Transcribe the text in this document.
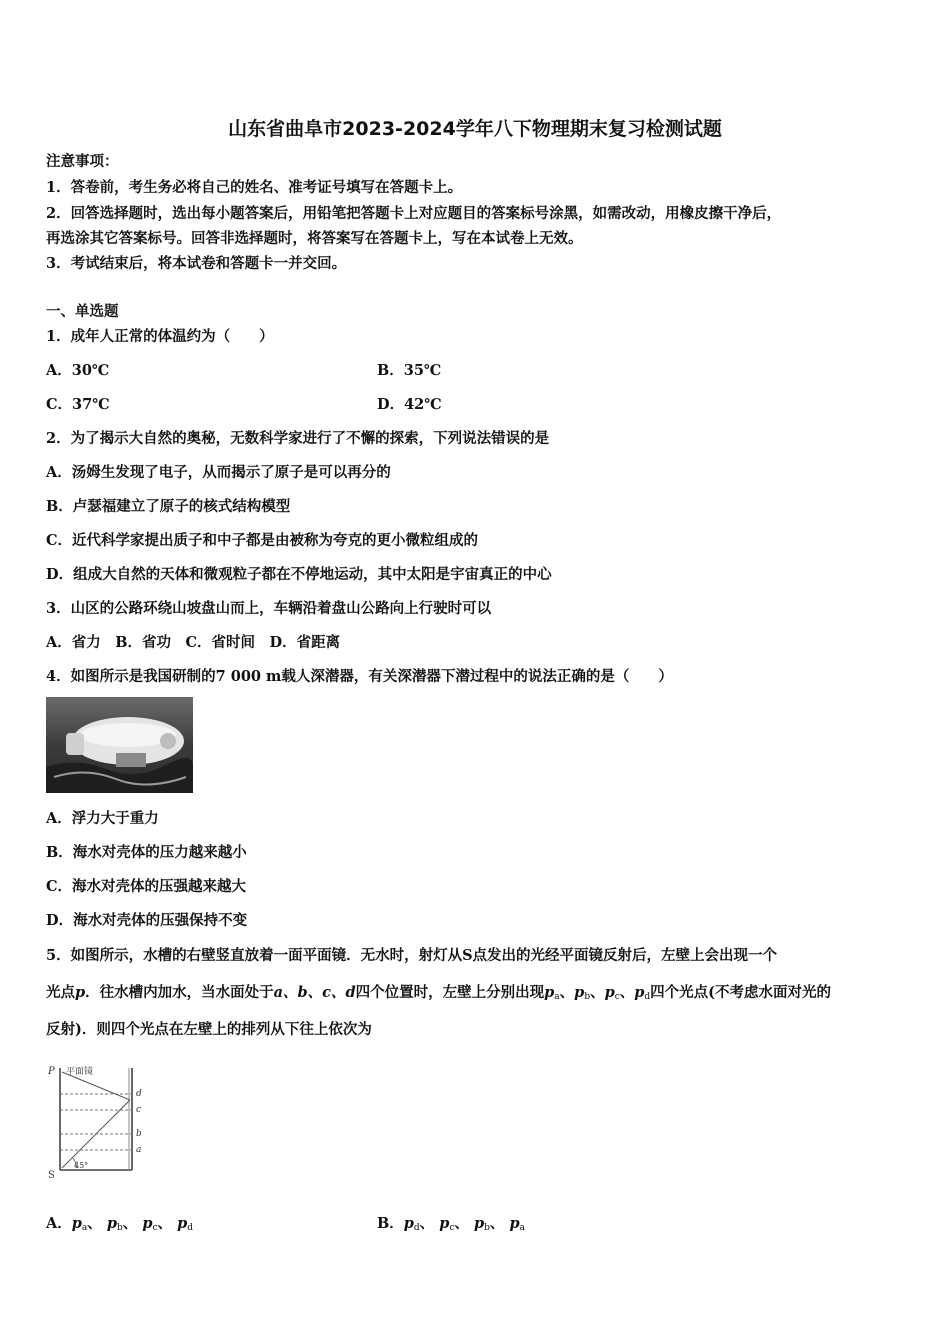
山东省曲阜市2023-2024学年八下物理期末复习检测试题
注意事项：
1．答卷前，考生务必将自己的姓名、准考证号填写在答题卡上。
2．回答选择题时，选出每小题答案后，用铅笔把答题卡上对应题目的答案标号涂黑，如需改动，用橡皮擦干净后，
再选涂其它答案标号。回答非选择题时，将答案写在答题卡上，写在本试卷上无效。
3．考试结束后，将本试卷和答题卡一并交回。
一、单选题
1．成年人正常的体温约为（　　）
A．30℃	B．35℃
C．37℃	D．42℃
2．为了揭示大自然的奥秘，无数科学家进行了不懈的探索，下列说法错误的是
A．汤姆生发现了电子，从而揭示了原子是可以再分的
B．卢瑟福建立了原子的核式结构模型
C．近代科学家提出质子和中子都是由被称为夸克的更小微粒组成的
D．组成大自然的天体和微观粒子都在不停地运动，其中太阳是宇宙真正的中心
3．山区的公路环绕山坡盘山而上，车辆沿着盘山公路向上行驶时可以
A．省力　B．省功　C．省时间　D．省距离
4．如图所示是我国研制的7 000 m载人深潜器，有关深潜器下潜过程中的说法正确的是（　　）
A．浮力大于重力
B．海水对壳体的压力越来越小
C．海水对壳体的压强越来越大
D．海水对壳体的压强保持不变
5．如图所示，水槽的右壁竖直放着一面平面镜．无水时，射灯从S点发出的光经平面镜反射后，左壁上会出现一个
光点p．往水槽内加水，当水面处于a、b、c、d四个位置时，左壁上分别出现$p_a$、$p_b$、$p_c$、$p_d$四个光点(不考虑水面对光的
反射)．则四个光点在左壁上的排列从下往上依次为
P
S
平面镜
45°
d
c
b
a
A．$p_a$、 $p_b$、 $p_c$、 $p_d$	B．$p_d$、 $p_c$、 $p_b$、 $p_a$
